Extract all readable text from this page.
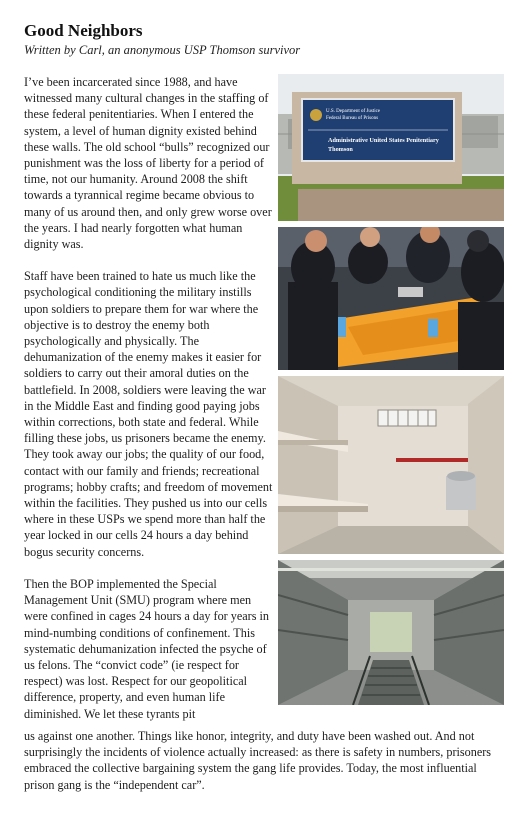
Good Neighbors

Written by Carl, an anonymous USP Thomson survivor

I’ve been incarcerated since 1988, and have witnessed many cultural changes in the staffing of these federal penitentiaries. When I entered the system, a level of human dignity existed behind these walls. The old school “bulls” recognized our punishment was the loss of liberty for a period of time, not our humanity. Around 2008 the shift towards a tyrannical regime became obvious to many of us around then, and only grew worse over the years. I had nearly forgotten what human dignity was.

Staff have been trained to hate us much like the psychological conditioning the military instills upon soldiers to prepare them for war where the objective is to destroy the enemy both psychologically and physically. The dehumanization of the enemy makes it easier for soldiers to carry out their amoral duties on the battlefield. In 2008, soldiers were leaving the war in the Middle East and finding good paying jobs within corrections, both state and federal. While filling these jobs, us prisoners became the enemy. They took away our jobs; the quality of our food, contact with our family and friends; recreational programs; hobby crafts; and freedom of movement within the facilities. They pushed us into our cells where in these USPs we spend more than half the year locked in our cells 24 hours a day behind bogus security concerns.

Then the BOP implemented the Special Management Unit (SMU) program where men were confined in cages 24 hours a day for years in mind-numbing conditions of confinement. This systematic dehumanization infected the psyche of us felons. The “convict code” (ie respect for respect) was lost. Respect for our geopolitical difference, property, and even human life diminished. We let these tyrants pit

us against one another. Things like honor, integrity, and duty have been washed out. And not surprisingly the incidents of violence actually increased: as there is safety in numbers, prisoners embraced the collective bargaining system the gang life provides. Today, the most influential prison gang is the “independent car”.
U.S. Department of Justice
Federal Bureau of Prisons
Administrative United States Penitentiary
Thomson
